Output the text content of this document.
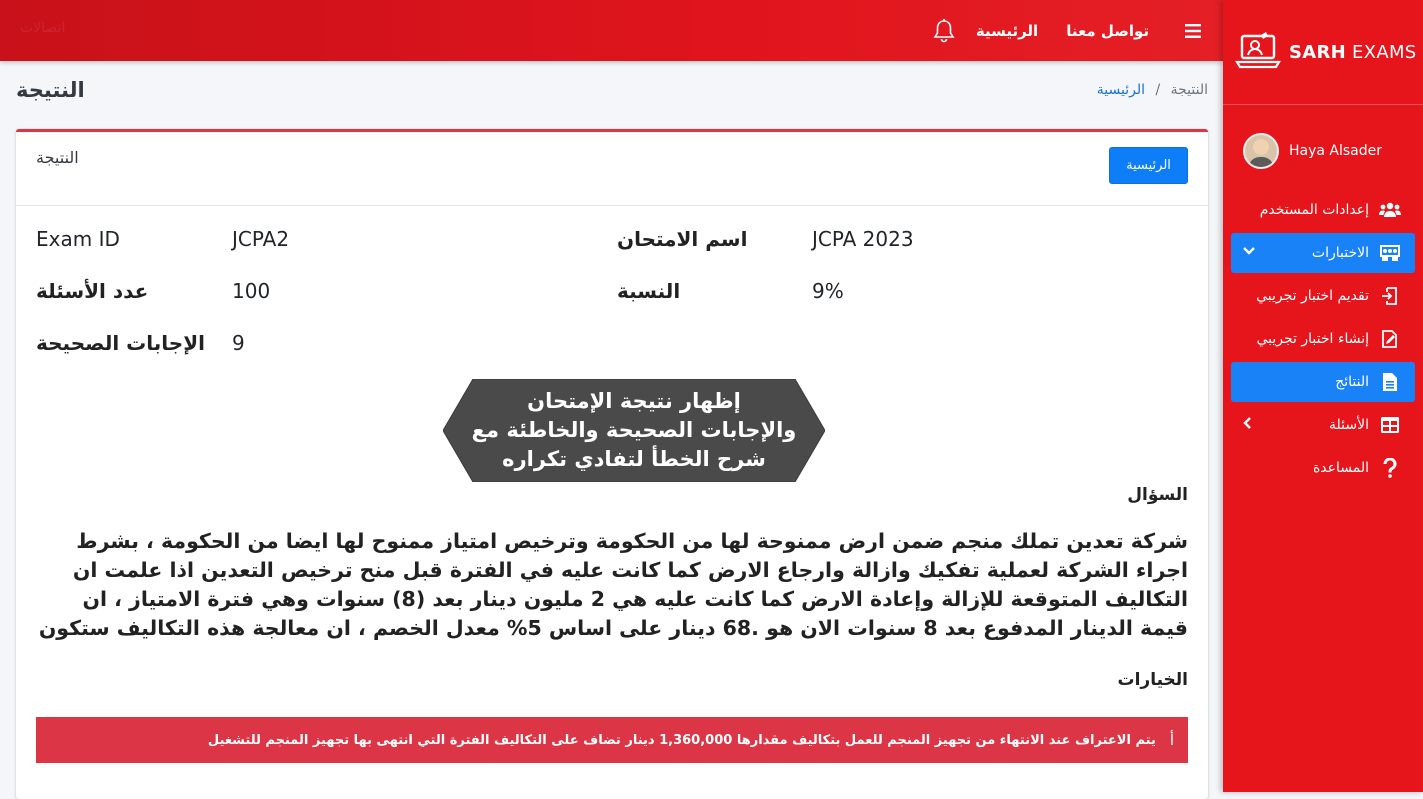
اتصالات	تواصل معنا
الرئيسية
SARH EXAMS
Haya Alsader
إعدادات المستخدم
الاختبارات
تقديم اختبار تجريبي
إنشاء اختبار تجريبي
النتائج
الأسئلة
المساعدة
النتيجة	النتيجة / الرئيسية
النتيجة	الرئيسية
Exam ID	JCPA2	اسم الامتحان	JCPA 2023
عدد الأسئلة	100	النسبة	9%
الإجابات الصحيحة 9
إظهار نتيجة الإمتحان
والإجابات الصحيحة والخاطئة مع
شرح الخطأ لتفادي تكراره
السؤال
شركة تعدين تملك منجم ضمن ارض ممنوحة لها من الحكومة وترخيص امتياز ممنوح لها ايضا من الحكومة ، بشرط اجراء الشركة لعملية تفكيك وازالة وارجاع الارض كما كانت عليه في الفترة قبل منح ترخيص التعدين اذا علمت ان التكاليف المتوقعة للإزالة وإعادة الارض كما كانت عليه هي 2 مليون دينار بعد (8) سنوات وهي فترة الامتياز ، ان قيمة الدينار المدفوع بعد 8 سنوات الان هو .68 دينار على اساس 5% معدل الخصم ، ان معالجة هذه التكاليف ستكون
الخيارات
أ
يتم الاعتراف عند الانتهاء من تجهيز المنجم للعمل بتكاليف مقدارها 1,360,000 دينار تضاف على التكاليف الفترة التي انتهى بها تجهيز المنجم للتشغيل
